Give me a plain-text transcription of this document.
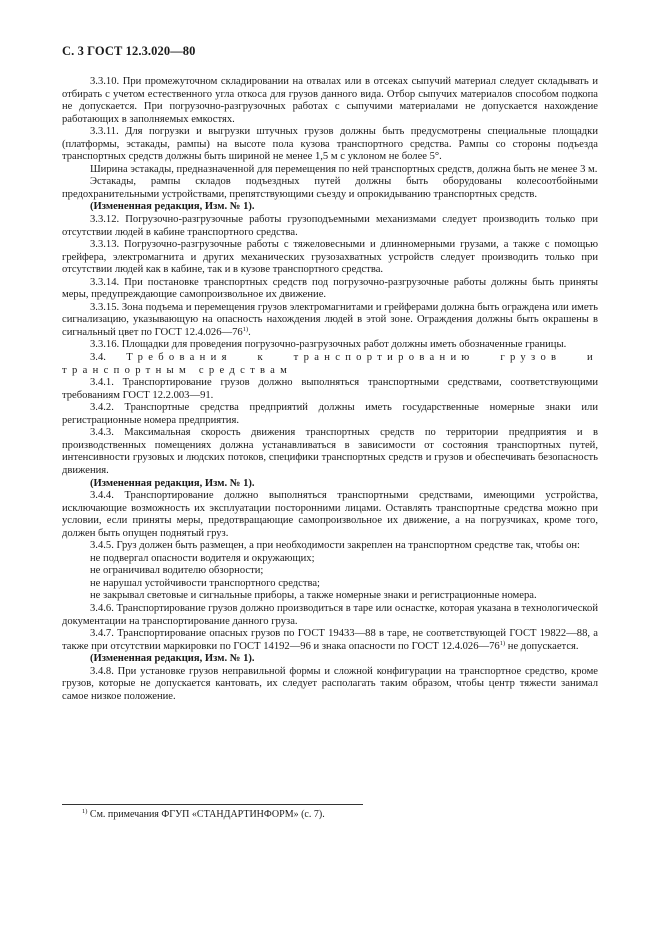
С. 3 ГОСТ 12.3.020—80

3.3.10. При промежуточном складировании на отвалах или в отсеках сыпучий материал следует складывать и отбирать с учетом естественного угла откоса для грузов данного вида. Отбор сыпучих материалов способом подкопа не допускается. При погрузочно-разгрузочных работах с сыпучими материалами не допускается нахождение работающих в заполняемых емкостях.

3.3.11. Для погрузки и выгрузки штучных грузов должны быть предусмотрены специальные площадки (платформы, эстакады, рампы) на высоте пола кузова транспортного средства. Рампы со стороны подъезда транспортных средств должны быть шириной не менее 1,5 м с уклоном не более 5°.

Ширина эстакады, предназначенной для перемещения по ней транспортных средств, должна быть не менее 3 м.

Эстакады, рампы складов подъездных путей должны быть оборудованы колесоотбойными предохранительными устройствами, препятствующими съезду и опрокидыванию транспортных средств.

(Измененная редакция, Изм. № 1).

3.3.12. Погрузочно-разгрузочные работы грузоподъемными механизмами следует производить только при отсутствии людей в кабине транспортного средства.

3.3.13. Погрузочно-разгрузочные работы с тяжеловесными и длинномерными грузами, а также с помощью грейфера, электромагнита и других механических грузозахватных устройств следует производить только при отсутствии людей как в кабине, так и в кузове транспортного средства.

3.3.14. При постановке транспортных средств под погрузочно-разгрузочные работы должны быть приняты меры, предупреждающие самопроизвольное их движение.

3.3.15. Зона подъема и перемещения грузов электромагнитами и грейферами должна быть ограждена или иметь сигнализацию, указывающую на опасность нахождения людей в этой зоне. Ограждения должны быть окрашены в сигнальный цвет по ГОСТ 12.4.026—76$^{1)}$.

3.3.16. Площадки для проведения погрузочно-разгрузочных работ должны иметь обозначенные границы.

3.4. Требования к транспортированию грузов и транспортным средствам

3.4.1. Транспортирование грузов должно выполняться транспортными средствами, соответствующими требованиям ГОСТ 12.2.003—91.

3.4.2. Транспортные средства предприятий должны иметь государственные номерные знаки или регистрационные номера предприятия.

3.4.3. Максимальная скорость движения транспортных средств по территории предприятия и в производственных помещениях должна устанавливаться в зависимости от состояния транспортных путей, интенсивности грузовых и людских потоков, специфики транспортных средств и грузов и обеспечивать безопасность движения.

(Измененная редакция, Изм. № 1).

3.4.4. Транспортирование должно выполняться транспортными средствами, имеющими устройства, исключающие возможность их эксплуатации посторонними лицами. Оставлять транспортные средства можно при условии, если приняты меры, предотвращающие самопроизвольное их движение, а на погрузчиках, кроме того, должен быть опущен поднятый груз.

3.4.5. Груз должен быть размещен, а при необходимости закреплен на транспортном средстве так, чтобы он:

не подвергал опасности водителя и окружающих;

не ограничивал водителю обзорности;

не нарушал устойчивости транспортного средства;

не закрывал световые и сигнальные приборы, а также номерные знаки и регистрационные номера.

3.4.6. Транспортирование грузов должно производиться в таре или оснастке, которая указана в технологической документации на транспортирование данного груза.

3.4.7. Транспортирование опасных грузов по ГОСТ 19433—88 в таре, не соответствующей ГОСТ 19822—88, а также при отсутствии маркировки по ГОСТ 14192—96 и знака опасности по ГОСТ 12.4.026—76$^{1)}$ не допускается.

(Измененная редакция, Изм. № 1).

3.4.8. При установке грузов неправильной формы и сложной конфигурации на транспортное средство, кроме грузов, которые не допускается кантовать, их следует располагать таким образом, чтобы центр тяжести занимал самое низкое положение.

$^{1)}$ См. примечания ФГУП «СТАНДАРТИНФОРМ» (с. 7).
